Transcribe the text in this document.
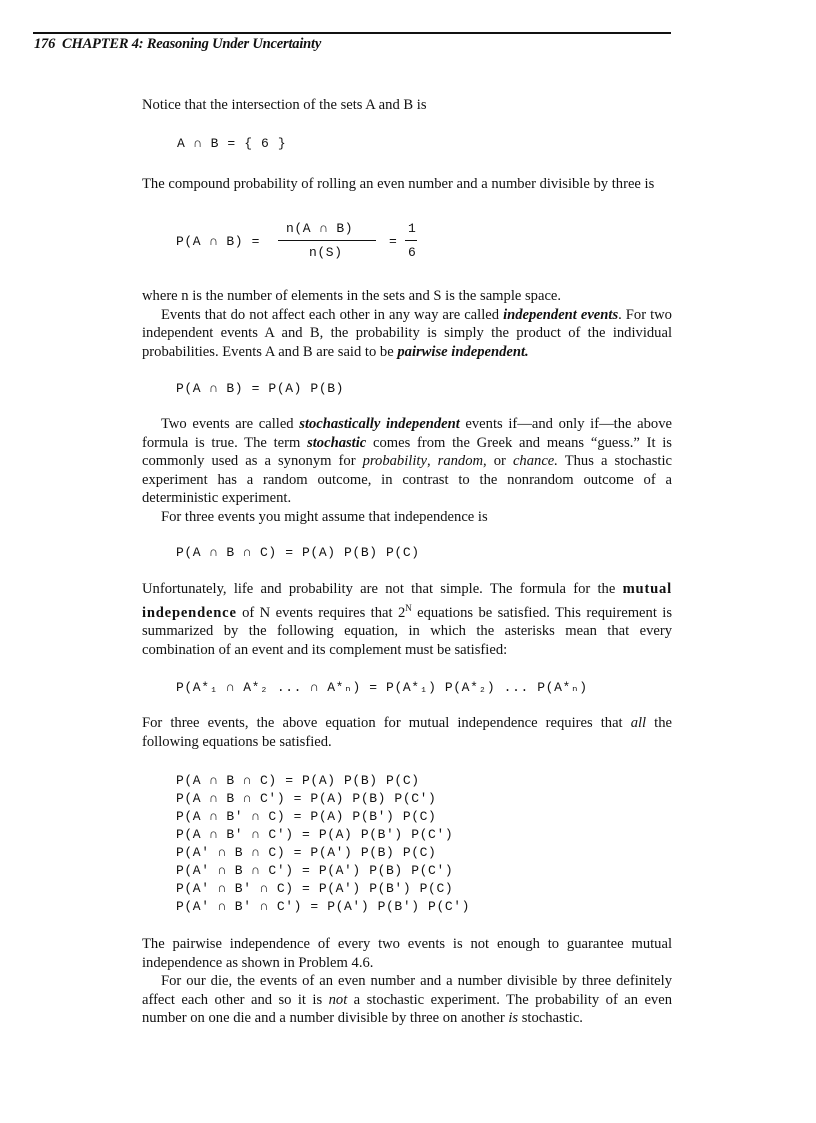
176 CHAPTER 4: Reasoning Under Uncertainty

Notice that the intersection of the sets A and B is

A ∩ B = { 6 }

The compound probability of rolling an even number and a number divisible by three is

P(A ∩ B) =
n(A ∩ B)
n(S)
=
1
6

where n is the number of elements in the sets and S is the sample space.

Events that do not affect each other in any way are called independent events. For two independent events A and B, the probability is simply the product of the individual probabilities. Events A and B are said to be pairwise independent.

P(A ∩ B) = P(A) P(B)

Two events are called stochastically independent events if—and only if—the above formula is true. The term stochastic comes from the Greek and means “guess.” It is commonly used as a synonym for probability, random, or chance. Thus a stochastic experiment has a random outcome, in contrast to the nonrandom outcome of a deterministic experiment.

For three events you might assume that independence is

P(A ∩ B ∩ C) = P(A) P(B) P(C)

Unfortunately, life and probability are not that simple. The formula for the mutual independence of N events requires that $2^N$ equations be satisfied. This requirement is summarized by the following equation, in which the asterisks mean that every combination of an event and its complement must be satisfied:

P(A*₁ ∩ A*₂ ... ∩ A*ₙ) = P(A*₁) P(A*₂) ... P(A*ₙ)

For three events, the above equation for mutual independence requires that all the following equations be satisfied.

P(A ∩ B ∩ C) = P(A) P(B) P(C)
P(A ∩ B ∩ C') = P(A) P(B) P(C')
P(A ∩ B' ∩ C) = P(A) P(B') P(C)
P(A ∩ B' ∩ C') = P(A) P(B') P(C')
P(A' ∩ B ∩ C) = P(A') P(B) P(C)
P(A' ∩ B ∩ C') = P(A') P(B) P(C')
P(A' ∩ B' ∩ C) = P(A') P(B') P(C)
P(A' ∩ B' ∩ C') = P(A') P(B') P(C')

The pairwise independence of every two events is not enough to guarantee mutual independence as shown in Problem 4.6.

For our die, the events of an even number and a number divisible by three definitely affect each other and so it is not a stochastic experiment. The probability of an even number on one die and a number divisible by three on another is stochastic.
